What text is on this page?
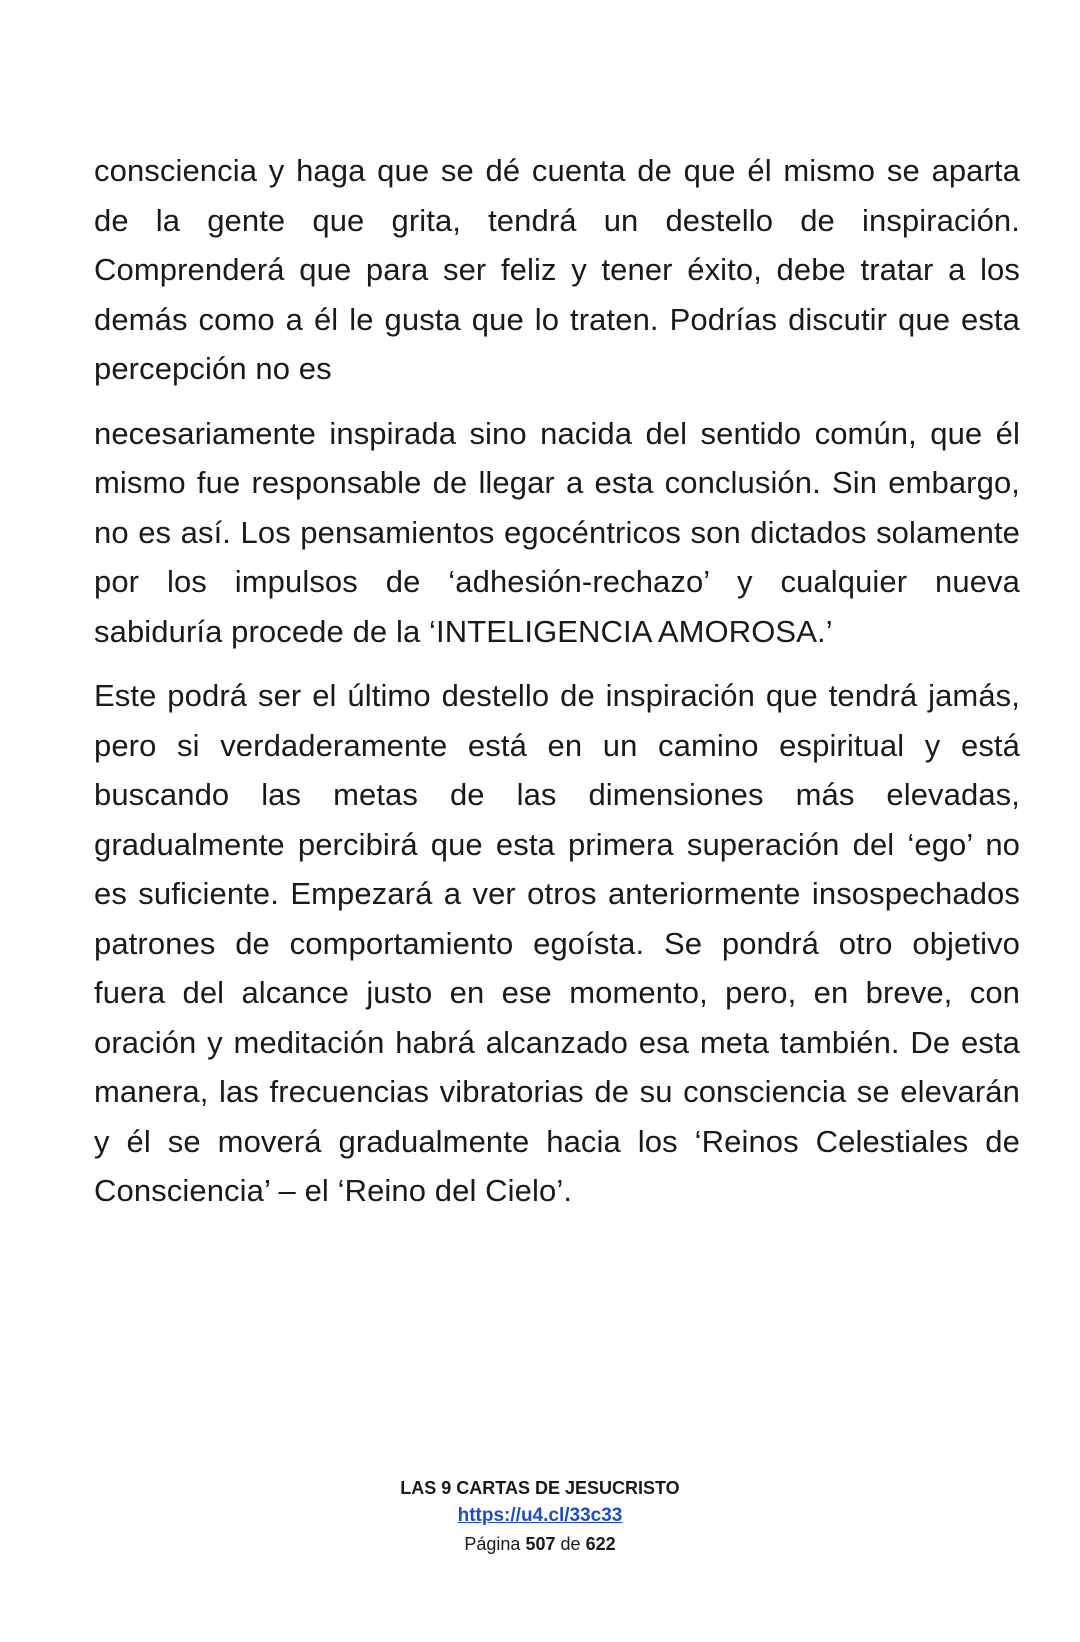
consciencia y haga que se dé cuenta de que él mismo se aparta de la gente que grita, tendrá un destello de inspiración. Comprenderá que para ser feliz y tener éxito, debe tratar a los demás como a él le gusta que lo traten. Podrías discutir que esta percepción no es

necesariamente inspirada sino nacida del sentido común, que él mismo fue responsable de llegar a esta conclusión. Sin embargo, no es así. Los pensamientos egocéntricos son dictados solamente por los impulsos de ‘adhesión-rechazo’ y cualquier nueva sabiduría procede de la ‘INTELIGENCIA AMOROSA.’

Este podrá ser el último destello de inspiración que tendrá jamás, pero si verdaderamente está en un camino espiritual y está buscando las metas de las dimensiones más elevadas, gradualmente percibirá que esta primera superación del ‘ego’ no es suficiente. Empezará a ver otros anteriormente insospechados patrones de comportamiento egoísta. Se pondrá otro objetivo fuera del alcance justo en ese momento, pero, en breve, con oración y meditación habrá alcanzado esa meta también. De esta manera, las frecuencias vibratorias de su consciencia se elevarán y él se moverá gradualmente hacia los ‘Reinos Celestiales de Consciencia’ – el ‘Reino del Cielo’.

LAS 9 CARTAS DE JESUCRISTO
https://u4.cl/33c33
Página 507 de 622
